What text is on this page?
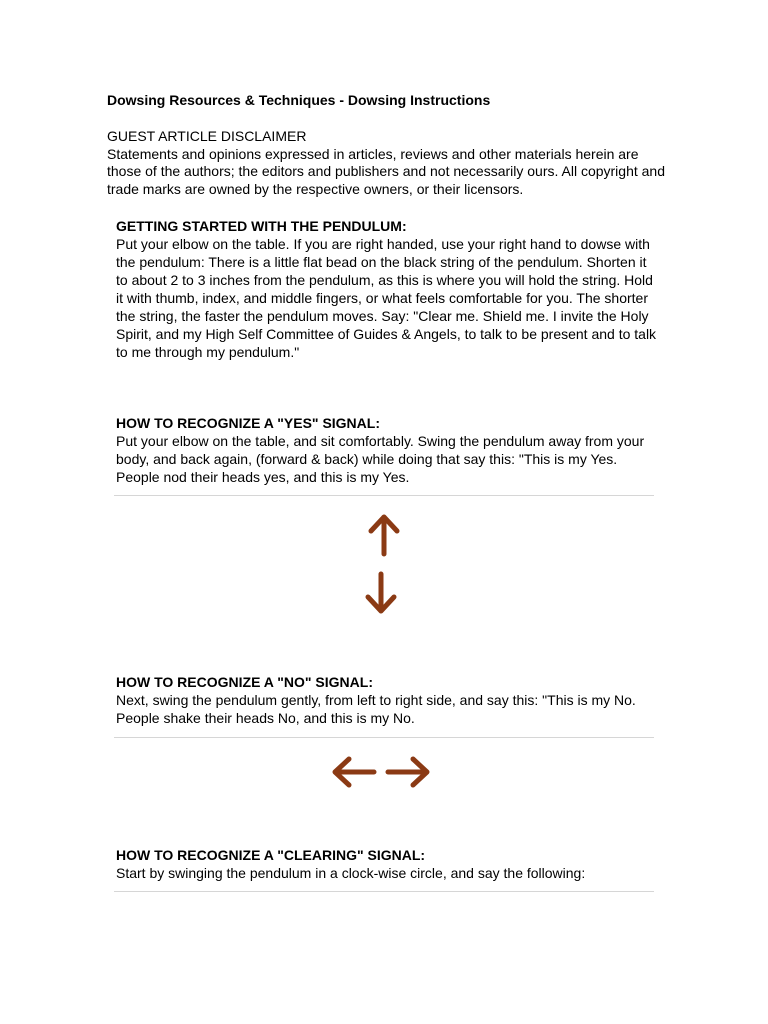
Dowsing Resources & Techniques - Dowsing Instructions
GUEST ARTICLE DISCLAIMER
Statements and opinions expressed in articles, reviews and other materials herein are those of the authors; the editors and publishers and not necessarily ours. All copyright and trade marks are owned by the respective owners, or their licensors.
GETTING STARTED WITH THE PENDULUM:
Put your elbow on the table. If you are right handed, use your right hand to dowse with the pendulum: There is a little flat bead on the black string of the pendulum. Shorten it to about 2 to 3 inches from the pendulum, as this is where you will hold the string. Hold it with thumb, index, and middle fingers, or what feels comfortable for you. The shorter the string, the faster the pendulum moves. Say: "Clear me. Shield me. I invite the Holy Spirit, and my High Self Committee of Guides & Angels, to talk to be present and to talk to me through my pendulum."
HOW TO RECOGNIZE A "YES" SIGNAL:
Put your elbow on the table, and sit comfortably. Swing the pendulum away from your body, and back again, (forward & back) while doing that say this: "This is my Yes. People nod their heads yes, and this is my Yes.
HOW TO RECOGNIZE A "NO" SIGNAL:
Next, swing the pendulum gently, from left to right side, and say this: "This is my No. People shake their heads No, and this is my No.
HOW TO RECOGNIZE A "CLEARING" SIGNAL:
Start by swinging the pendulum in a clock-wise circle, and say the following:
